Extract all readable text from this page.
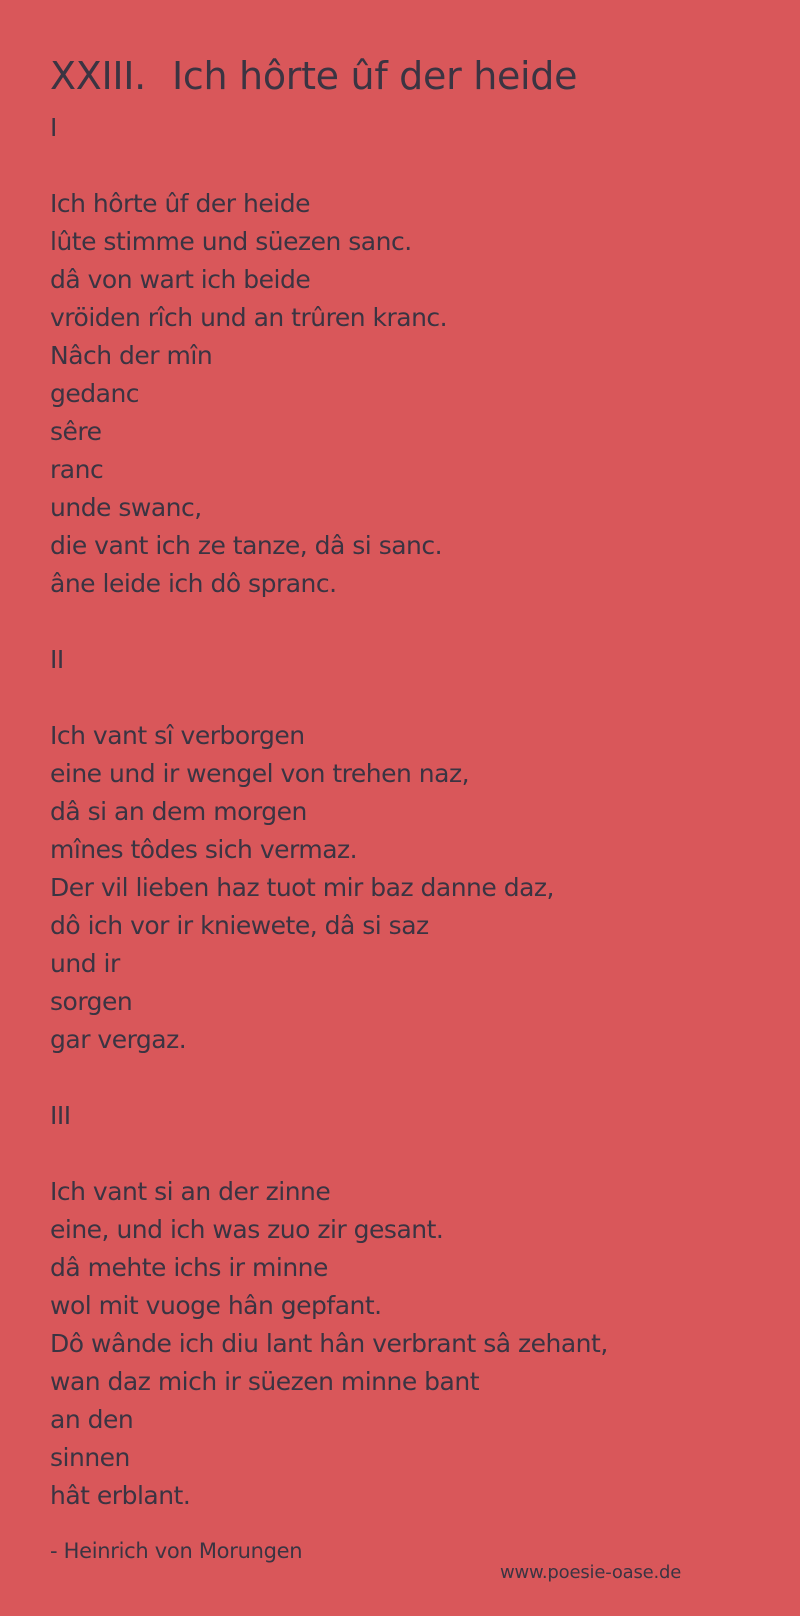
XXIII. Ich hôrte ûf der heide
I
Ich hôrte ûf der heide
lûte stimme und süezen sanc.
dâ von wart ich beide
vröiden rîch und an trûren kranc.
Nâch der mîn
gedanc
sêre
ranc
unde swanc,
die vant ich ze tanze, dâ si sanc.
âne leide ich dô spranc.
II
Ich vant sî verborgen
eine und ir wengel von trehen naz,
dâ si an dem morgen
mînes tôdes sich vermaz.
Der vil lieben haz tuot mir baz danne daz,
dô ich vor ir kniewete, dâ si saz
und ir
sorgen
gar vergaz.
III
Ich vant si an der zinne
eine, und ich was zuo zir gesant.
dâ mehte ichs ir minne
wol mit vuoge hân gepfant.
Dô wânde ich diu lant hân verbrant sâ zehant,
wan daz mich ir süezen minne bant
an den
sinnen
hât erblant.
- Heinrich von Morungen
www.poesie-oase.de
